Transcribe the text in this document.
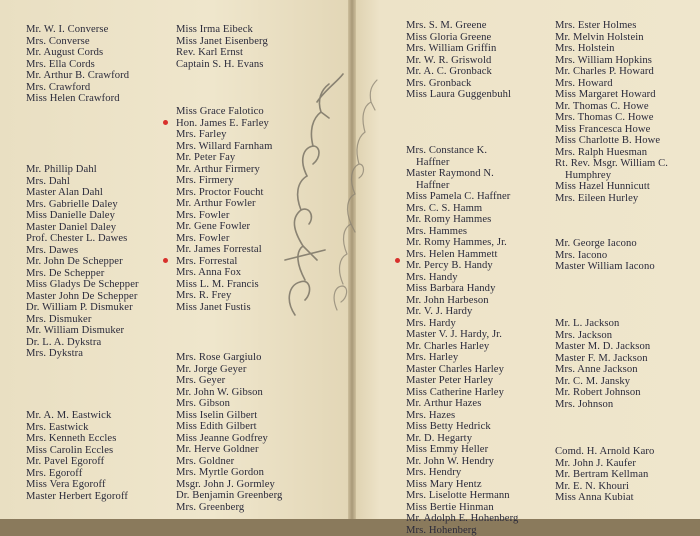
Mr. W. I. Converse
Mrs. Converse
Mr. August Cords
Mrs. Ella Cords
Mr. Arthur B. Crawford
Mrs. Crawford
Miss Helen Crawford
Mr. Phillip Dahl
Mrs. Dahl
Master Alan Dahl
Mrs. Gabrielle Daley
Miss Danielle Daley
Master Daniel Daley
Prof. Chester L. Dawes
Mrs. Dawes
Mr. John De Schepper
Mrs. De Schepper
Miss Gladys De Schepper
Master John De Schepper
Dr. William P. Dismuker
Mrs. Dismuker
Mr. William Dismuker
Dr. L. A. Dykstra
Mrs. Dykstra
Mr. A. M. Eastwick
Mrs. Eastwick
Mrs. Kenneth Eccles
Miss Carolin Eccles
Mr. Pavel Egoroff
Mrs. Egoroff
Miss Vera Egoroff
Master Herbert Egoroff
Miss Irma Eibeck
Miss Janet Eisenberg
Rev. Karl Ernst
Captain S. H. Evans
Miss Grace Falotico
Hon. James E. Farley
Mrs. Farley
Mrs. Willard Farnham
Mr. Peter Fay
Mr. Arthur Firmery
Mrs. Firmery
Mrs. Proctor Foucht
Mr. Arthur Fowler
Mrs. Fowler
Mr. Gene Fowler
Mrs. Fowler
Mr. James Forrestal
Mrs. Forrestal
Mrs. Anna Fox
Miss L. M. Francis
Mrs. R. Frey
Miss Janet Fustis
Mrs. Rose Gargiulo
Mr. Jorge Geyer
Mrs. Geyer
Mr. John W. Gibson
Mrs. Gibson
Miss Iselin Gilbert
Miss Edith Gilbert
Miss Jeanne Godfrey
Mr. Herve Goldner
Mrs. Goldner
Mrs. Myrtle Gordon
Msgr. John J. Gormley
Dr. Benjamin Greenberg
Mrs. Greenberg
Mrs. S. M. Greene
Miss Gloria Greene
Mrs. William Griffin
Mr. W. R. Griswold
Mr. A. C. Gronback
Mrs. Gronback
Miss Laura Guggenbuhl
Mrs. Constance K.
Haffner
Master Raymond N.
Haffner
Miss Pamela C. Haffner
Mrs. C. S. Hamm
Mr. Romy Hammes
Mrs. Hammes
Mr. Romy Hammes, Jr.
Mrs. Helen Hammett
Mr. Percy B. Handy
Mrs. Handy
Miss Barbara Handy
Mr. John Harbeson
Mr. V. J. Hardy
Mrs. Hardy
Master V. J. Hardy, Jr.
Mr. Charles Harley
Mrs. Harley
Master Charles Harley
Master Peter Harley
Miss Catherine Harley
Mr. Arthur Hazes
Mrs. Hazes
Miss Betty Hedrick
Mr. D. Hegarty
Miss Emmy Heller
Mr. John W. Hendry
Mrs. Hendry
Miss Mary Hentz
Mrs. Liselotte Hermann
Miss Bertie Hinman
Mr. Adolph E. Hohenberg
Mrs. Hohenberg
Mrs. Ester Holmes
Mr. Melvin Holstein
Mrs. Holstein
Mrs. William Hopkins
Mr. Charles P. Howard
Mrs. Howard
Miss Margaret Howard
Mr. Thomas C. Howe
Mrs. Thomas C. Howe
Miss Francesca Howe
Miss Charlotte B. Howe
Mrs. Ralph Huesman
Rt. Rev. Msgr. William C.
Humphrey
Miss Hazel Hunnicutt
Mrs. Eileen Hurley
Mr. George Iacono
Mrs. Iacono
Master William Iacono
Mr. L. Jackson
Mrs. Jackson
Master M. D. Jackson
Master F. M. Jackson
Mrs. Anne Jackson
Mr. C. M. Jansky
Mr. Robert Johnson
Mrs. Johnson
Comd. H. Arnold Karo
Mr. John J. Kaufer
Mr. Bertram Kellman
Mr. E. N. Khouri
Miss Anna Kubiat
